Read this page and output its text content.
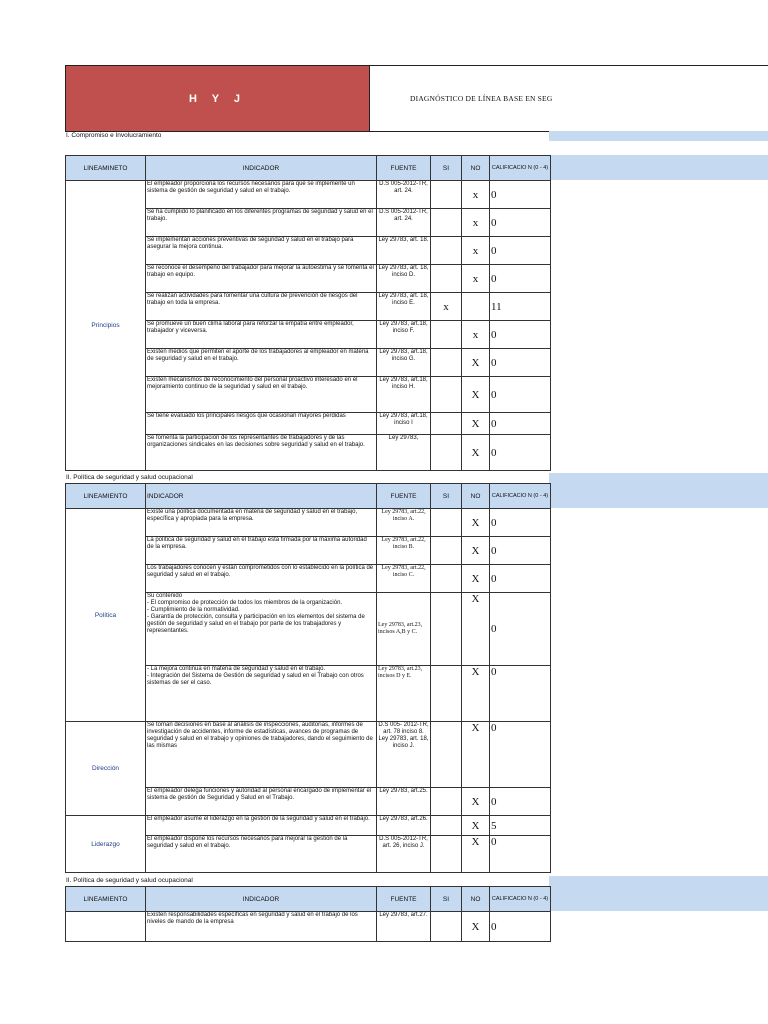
H Y J	DIAGNÓSTICO DE LÍNEA BASE EN SEG
I. Compromiso e Involucramiento
LINEAMINETO	INDICADOR	FUENTE	SI	NO	CALIFICACIO N (0 - 4)
Principios	El empleador proporciona los recursos necesarios para que se implemente un sistema de gestión de seguridad y salud en el trabajo.	D.S 005-2012-TR, art. 24.		x	0
	Se ha cumplido lo planificado en los diferentes programas de seguridad y salud en el trabajo.	D.S 005-2012-TR, art. 24.		x	0
	Se implementan acciones preventivas de seguridad y salud en el trabajo para asegurar la mejora continua.	Ley 29783, art. 18.		x	0
	Se reconoce el desempeño del trabajador para mejorar la autoestima y se fomenta el trabajo en equipo.	Ley 29783, art. 18, inciso D.		x	0
	Se realizan actividades para fomentar una cultura de prevención de riesgos del trabajo en toda la empresa.	Ley 29783, art. 18, inciso E.	x		11
	Se promueve un buen clima laboral para reforzar la empatía entre empleador, trabajador y viceversa.	Ley 29783, art.18, inciso F.		x	0
	Existen medios que permiten el aporte de los trabajadores al empleador en materia de seguridad y salud en el trabajo.	Ley 29783, art.18, inciso G.		X	0
	Existen mecanismos de reconocimiento del personal proactivo interesado en el mejoramiento continuo de la seguridad y salud en el trabajo.	Ley 29783, art.18, inciso H.		X	0
	Se tiene evaluado los principales riesgos que ocasionan mayores pérdidas	Ley 29783, art.18, inciso I		X	0
	Se fomenta la participación de los representantes de trabajadores y de las organizaciones sindicales en las decisiones sobre seguridad y salud en el trabajo.	Ley 29783,		X	0
II. Política de seguridad y salud ocupacional
LINEAMIENTO	INDICADOR	FUENTE	SI	NO	CALIFICACIO N (0 - 4)
Política	Existe una política documentada en materia de seguridad y salud en el trabajo, específica y apropiada para la empresa.	Ley 29783, art.22, inciso A.		X	0
	La política de seguridad y salud en el trabajo está firmada por la máxima autoridad de la empresa.	Ley 29783, art.22, inciso B.		X	0
	Los trabajadores conocen y están comprometidos con lo establecido en la política de seguridad y salud en el trabajo.	Ley 29783, art.22, inciso C.		X	0
	Su contenido
- El compromiso de protección de todos los miembros de la organización.
- Cumplimiento de la normatividad.
- Garantía de protección, consulta y participación en los elementos del sistema de gestión de seguridad y salud en el trabajo por parte de los trabajadores y representantes.	Ley 29783, art.23, incisos A,B y C.		X	0
	- La mejora continua en materia de seguridad y salud en el trabajo.
- Integración del Sistema de Gestión de seguridad y salud en el Trabajo con otros sistemas de ser el caso.	Ley 29783, art.23, incisos D y E.		X	0
Dirección	Se toman decisiones en base al análisis de inspecciones, auditorías, informes de investigación de accidentes, informe de estadísticas, avances de programas de seguridad y salud en el trabajo y opiniones de trabajadores, dando el seguimiento de las mismas	D.S 005- 2012-TR, art. 78 inciso 8. Ley 29783, art. 18, inciso J.		X	0
	El empleador delega funciones y autoridad al personal encargado de implementar el sistema de gestión de Seguridad y Salud en el Trabajo.	Ley 29783, art.25.		X	0
Liderazgo	El empleador asume el liderazgo en la gestión de la seguridad y salud en el trabajo.	Ley 29783, art.26.		X	5
	El empleador dispone los recursos necesarios para mejorar la gestión de la seguridad y salud en el trabajo.	D.S 005-2012-TR, art. 26, inciso J.		X	0
II. Política de seguridad y salud ocupacional
LINEAMIENTO	INDICADOR	FUENTE	SI	NO	CALIFICACIO N (0 - 4)
	Existen responsabilidades específicas en seguridad y salud en el trabajo de los niveles de mando de la empresa	Ley 29783, art.27.		X	0
